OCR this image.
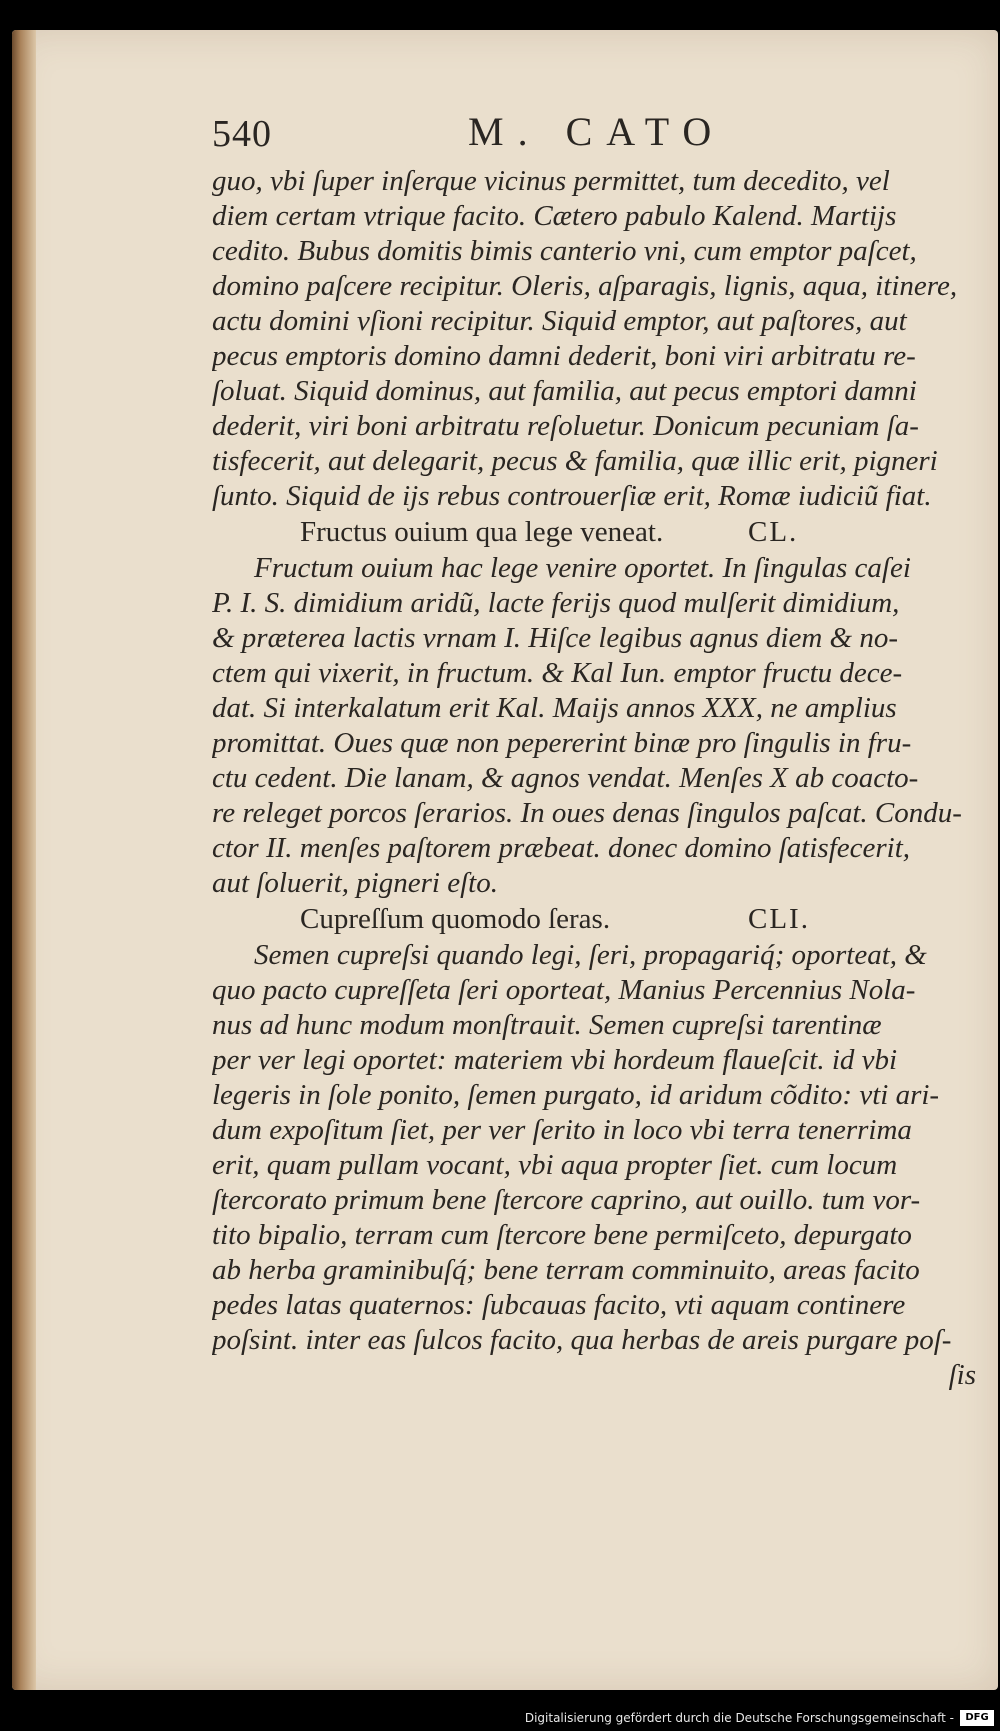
540	M. CATO
guo, vbi ſuper inſerque vicinus permittet, tum decedito, vel
diem certam vtrique facito. Cætero pabulo Kalend. Martijs
cedito. Bubus domitis bimis canterio vni, cum emptor paſcet,
domino paſcere recipitur. Oleris, aſparagis, lignis, aqua, itinere,
actu domini vſioni recipitur. Siquid emptor, aut paſtores, aut
pecus emptoris domino damni dederit, boni viri arbitratu re-
ſoluat. Siquid dominus, aut familia, aut pecus emptori damni
dederit, viri boni arbitratu reſoluetur. Donicum pecuniam ſa-
tisfecerit, aut delegarit, pecus & familia, quæ illic erit, pigneri
ſunto. Siquid de ijs rebus controuerſiæ erit, Romæ iudiciũ fiat.
Fructus ouium qua lege veneat.	CL.
Fructum ouium hac lege venire oportet. In ſingulas caſei
P. I. S. dimidium aridũ, lacte ferijs quod mulſerit dimidium,
& præterea lactis vrnam I. Hiſce legibus agnus diem & no-
ctem qui vixerit, in fructum. & Kal Iun. emptor fructu dece-
dat. Si interkalatum erit Kal. Maijs annos XXX, ne amplius
promittat. Oues quæ non pepererint binæ pro ſingulis in fru-
ctu cedent. Die lanam, & agnos vendat. Menſes X ab coacto-
re releget porcos ſerarios. In oues denas ſingulos paſcat. Condu-
ctor II. menſes paſtorem præbeat. donec domino ſatisfecerit,
aut ſoluerit, pigneri eſto.
Cupreſſum quomodo ſeras.	CLI.
Semen cupreſsi quando legi, ſeri, propagariq́; oporteat, &
quo pacto cupreſſeta ſeri oporteat, Manius Percennius Nola-
nus ad hunc modum monſtrauit. Semen cupreſsi tarentinæ
per ver legi oportet: materiem vbi hordeum flaueſcit. id vbi
legeris in ſole ponito, ſemen purgato, id aridum cõdito: vti ari-
dum expoſitum ſiet, per ver ſerito in loco vbi terra tenerrima
erit, quam pullam vocant, vbi aqua propter ſiet. cum locum
ſtercorato primum bene ſtercore caprino, aut ouillo. tum vor-
tito bipalio, terram cum ſtercore bene permiſceto, depurgato
ab herba graminibuſq́; bene terram comminuito, areas facito
pedes latas quaternos: ſubcauas facito, vti aquam continere
poſsint. inter eas ſulcos facito, qua herbas de areis purgare poſ-
ſis
Digitalisierung gefördert durch die Deutsche Forschungsgemeinschaft -	DFG
